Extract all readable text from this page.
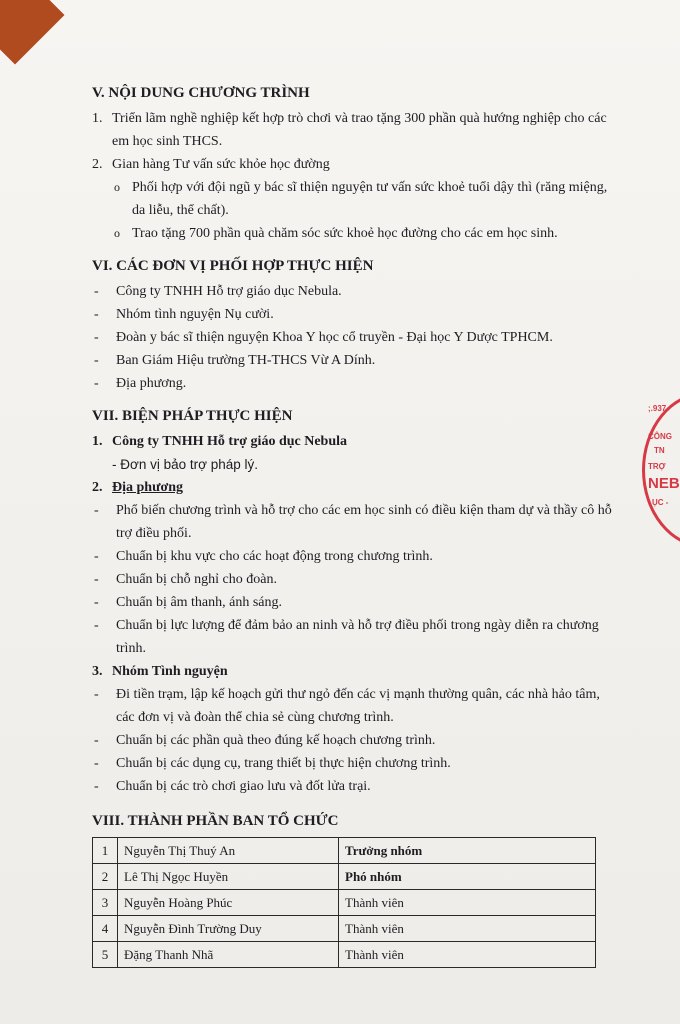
V. NỘI DUNG CHƯƠNG TRÌNH
1. Triển lãm nghề nghiệp kết hợp trò chơi và trao tặng 300 phần quà hướng nghiệp cho các em học sinh THCS.
2. Gian hàng Tư vấn sức khỏe học đường
o Phối hợp với đội ngũ y bác sĩ thiện nguyện tư vấn sức khoẻ tuổi dậy thì (răng miệng, da liễu, thể chất).
o Trao tặng 700 phần quà chăm sóc sức khoẻ học đường cho các em học sinh.
VI. CÁC ĐƠN VỊ PHỐI HỢP THỰC HIỆN
-	Công ty TNHH Hỗ trợ giáo dục Nebula.
-	Nhóm tình nguyện Nụ cười.
-	Đoàn y bác sĩ thiện nguyện Khoa Y học cổ truyền - Đại học Y Dược TPHCM.
-	Ban Giám Hiệu trường TH-THCS Vừ A Dính.
-	Địa phương.
VII. BIỆN PHÁP THỰC HIỆN
1. Công ty TNHH Hỗ trợ giáo dục Nebula
- Đơn vị bảo trợ pháp lý.
2. Địa phương
-	Phổ biến chương trình và hỗ trợ cho các em học sinh có điều kiện tham dự và thầy cô hỗ trợ điều phối.
-	Chuẩn bị khu vực cho các hoạt động trong chương trình.
-	Chuẩn bị chỗ nghỉ cho đoàn.
-	Chuẩn bị âm thanh, ánh sáng.
-	Chuẩn bị lực lượng để đảm bảo an ninh và hỗ trợ điều phối trong ngày diễn ra chương trình.
3. Nhóm Tình nguyện
-	Đi tiền trạm, lập kế hoạch gửi thư ngỏ đến các vị mạnh thường quân, các nhà hảo tâm, các đơn vị và đoàn thể chia sẻ cùng chương trình.
-	Chuẩn bị các phần quà theo đúng kế hoạch chương trình.
-	Chuẩn bị các dụng cụ, trang thiết bị thực hiện chương trình.
-	Chuẩn bị các trò chơi giao lưu và đốt lửa trại.
VIII. THÀNH PHẦN BAN TỔ CHỨC
1	Nguyễn Thị Thuý An	Trưởng nhóm
2	Lê Thị Ngọc Huyền	Phó nhóm
3	Nguyễn Hoàng Phúc	Thành viên
4	Nguyễn Đình Trường Duy	Thành viên
5	Đặng Thanh Nhã	Thành viên
;.937
CÔNG
TN
TRỢ
NEB
ỤC -
